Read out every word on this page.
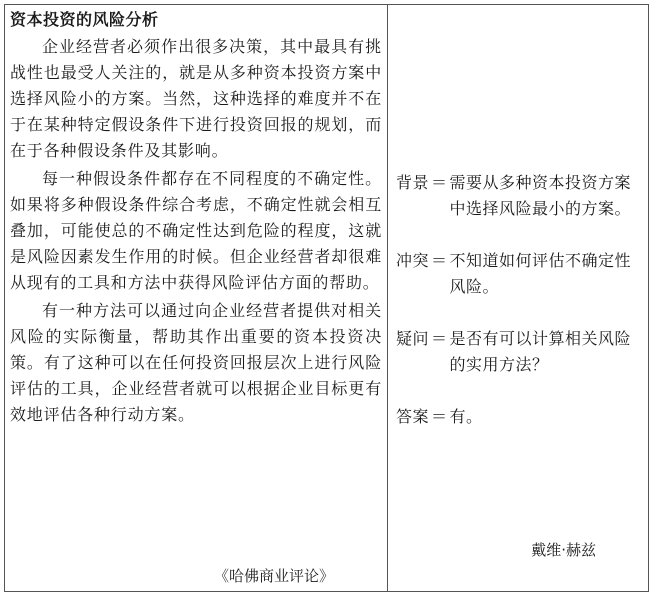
资本投资的风险分析

企业经营者必须作出很多决策，其中最具有挑战性也最受人关注的，就是从多种资本投资方案中选择风险小的方案。当然，这种选择的难度并不在于在某种特定假设条件下进行投资回报的规划，而在于各种假设条件及其影响。

每一种假设条件都存在不同程度的不确定性。如果将多种假设条件综合考虑，不确定性就会相互叠加，可能使总的不确定性达到危险的程度，这就是风险因素发生作用的时候。但企业经营者却很难从现有的工具和方法中获得风险评估方面的帮助。

有一种方法可以通过向企业经营者提供对相关风险的实际衡量，帮助其作出重要的资本投资决策。有了这种可以在任何投资回报层次上进行风险评估的工具，企业经营者就可以根据企业目标更有效地评估各种行动方案。

戴维·赫兹
《哈佛商业评论》
背景 ＝ 需要从多种资本投资方案中选择风险最小的方案。
冲突 ＝ 不知道如何评估不确定性风险。
疑问 ＝ 是否有可以计算相关风险的实用方法？
答案 ＝ 有。
